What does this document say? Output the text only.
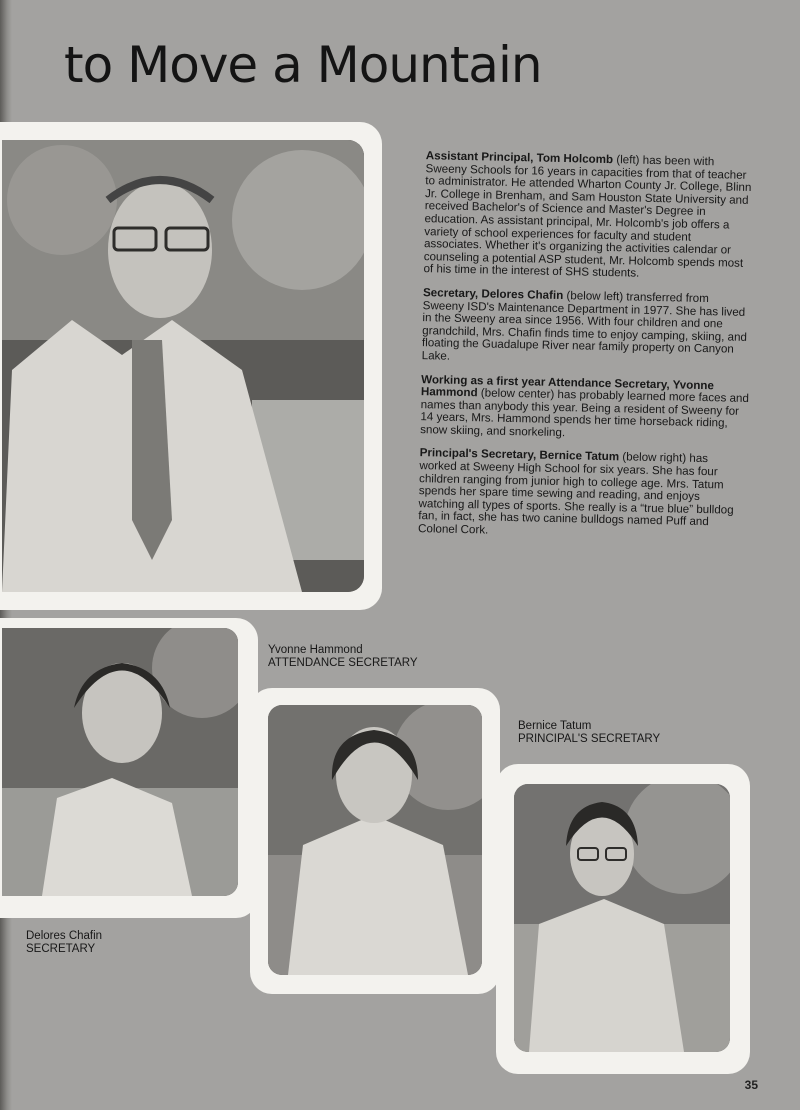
to Move a Mountain

Assistant Principal, Tom Holcomb (left) has been with Sweeny Schools for 16 years in capacities from that of teacher to administrator. He attended Wharton County Jr. College, Blinn Jr. College in Brenham, and Sam Houston State University and received Bachelor's of Science and Master's Degree in education. As assistant principal, Mr. Holcomb's job offers a variety of school experiences for faculty and student associates. Whether it's organizing the activities calendar or counseling a potential ASP student, Mr. Holcomb spends most of his time in the interest of SHS students.

Secretary, Delores Chafin (below left) transferred from Sweeny ISD's Maintenance Department in 1977. She has lived in the Sweeny area since 1956. With four children and one grandchild, Mrs. Chafin finds time to enjoy camping, skiing, and floating the Guadalupe River near family property on Canyon Lake.

Working as a first year Attendance Secretary, Yvonne Hammond (below center) has probably learned more faces and names than anybody this year. Being a resident of Sweeny for 14 years, Mrs. Hammond spends her time horseback riding, snow skiing, and snorkeling.

Principal's Secretary, Bernice Tatum (below right) has worked at Sweeny High School for six years. She has four children ranging from junior high to college age. Mrs. Tatum spends her spare time sewing and reading, and enjoys watching all types of sports. She really is a “true blue” bulldog fan, in fact, she has two canine bulldogs named Puff and Colonel Cork.

Delores Chafin
SECRETARY
Yvonne Hammond
ATTENDANCE SECRETARY
Bernice Tatum
PRINCIPAL'S SECRETARY
35
